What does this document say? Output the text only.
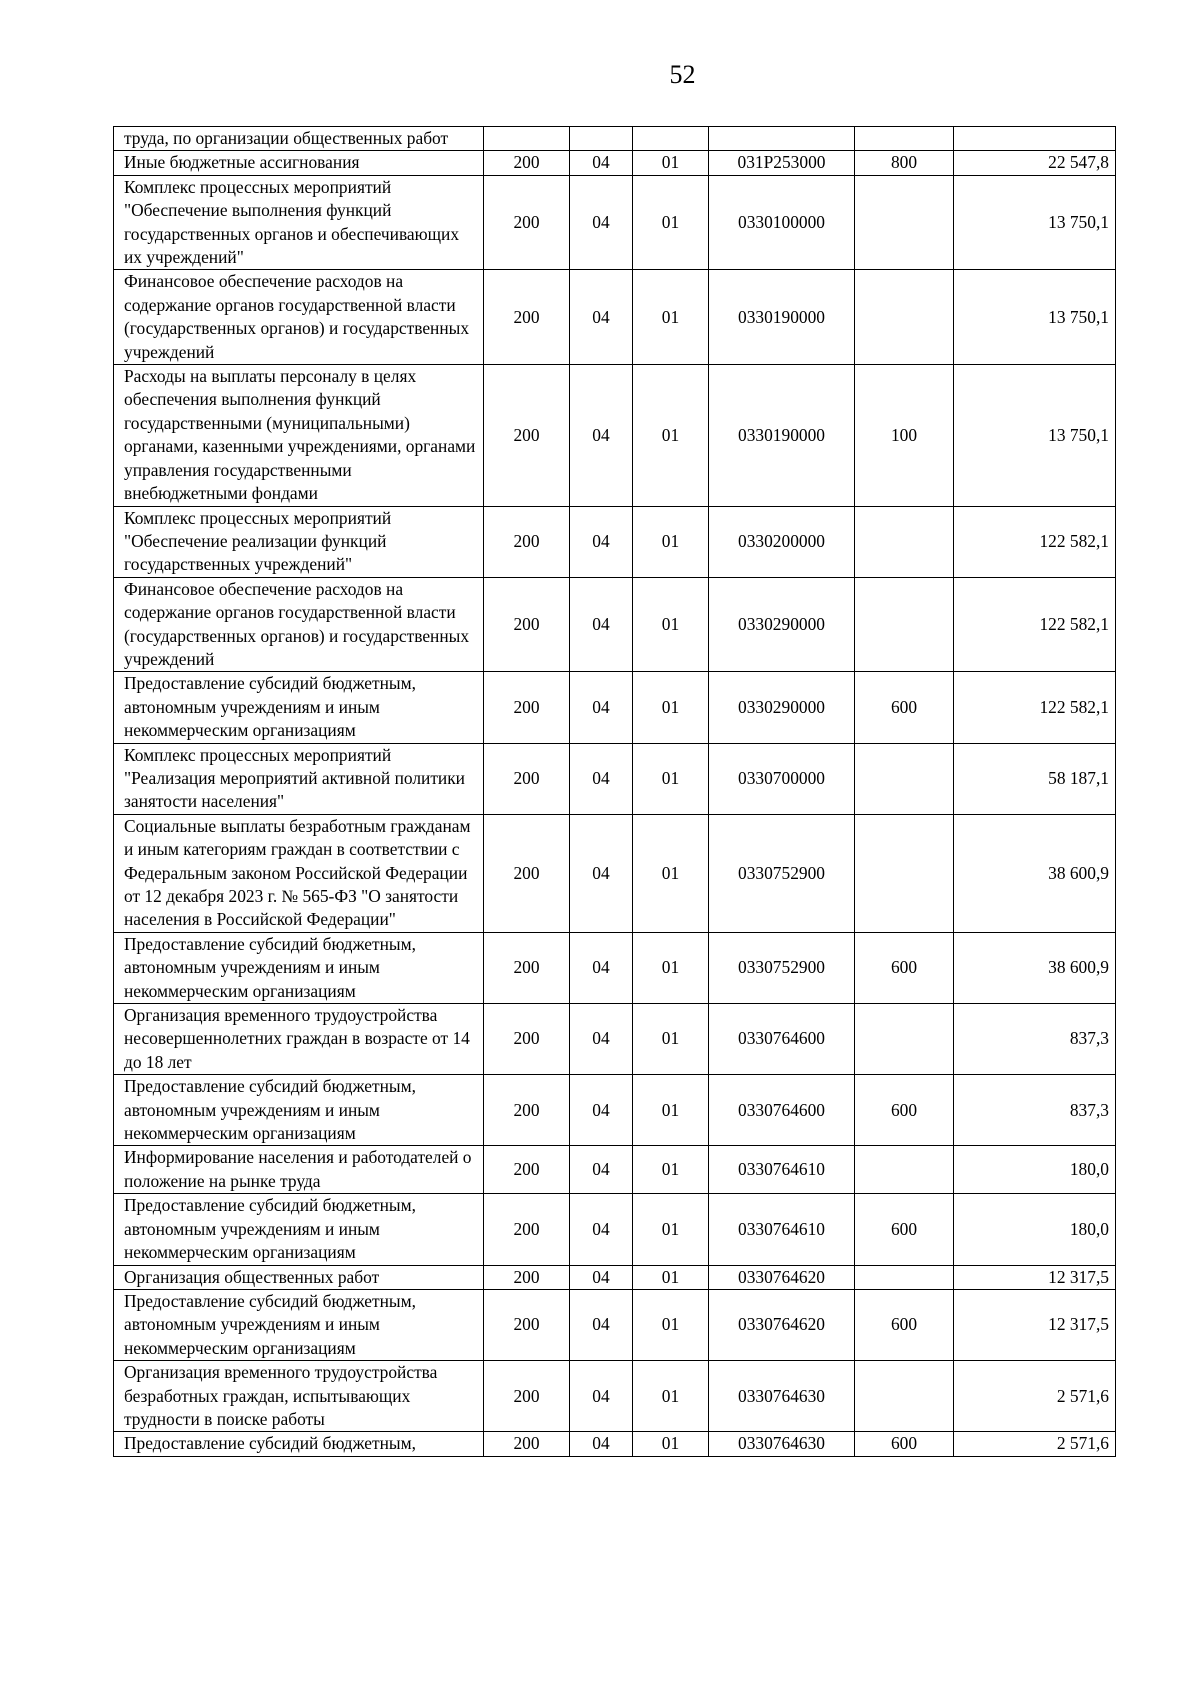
52
труда, по организации общественных работ						
Иные бюджетные ассигнования	200	04	01	031P253000	800	22 547,8
Комплекс процессных мероприятий "Обеспечение выполнения функций государственных органов и обеспечивающих их учреждений"	200	04	01	0330100000		13 750,1
Финансовое обеспечение расходов на содержание органов государственной власти (государственных органов) и государственных учреждений	200	04	01	0330190000		13 750,1
Расходы на выплаты персоналу в целях обеспечения выполнения функций государственными (муниципальными) органами, казенными учреждениями, органами управления государственными внебюджетными фондами	200	04	01	0330190000	100	13 750,1
Комплекс процессных мероприятий "Обеспечение реализации функций государственных учреждений"	200	04	01	0330200000		122 582,1
Финансовое обеспечение расходов на содержание органов государственной власти (государственных органов) и государственных учреждений	200	04	01	0330290000		122 582,1
Предоставление субсидий бюджетным, автономным учреждениям и иным некоммерческим организациям	200	04	01	0330290000	600	122 582,1
Комплекс процессных мероприятий "Реализация мероприятий активной политики занятости населения"	200	04	01	0330700000		58 187,1
Социальные выплаты безработным гражданам и иным категориям граждан в соответствии с Федеральным законом Российской Федерации от 12 декабря 2023 г. № 565-ФЗ "О занятости населения в Российской Федерации"	200	04	01	0330752900		38 600,9
Предоставление субсидий бюджетным, автономным учреждениям и иным некоммерческим организациям	200	04	01	0330752900	600	38 600,9
Организация временного трудоустройства несовершеннолетних граждан в возрасте от 14 до 18 лет	200	04	01	0330764600		837,3
Предоставление субсидий бюджетным, автономным учреждениям и иным некоммерческим организациям	200	04	01	0330764600	600	837,3
Информирование населения и работодателей о положение на рынке труда	200	04	01	0330764610		180,0
Предоставление субсидий бюджетным, автономным учреждениям и иным некоммерческим организациям	200	04	01	0330764610	600	180,0
Организация общественных работ	200	04	01	0330764620		12 317,5
Предоставление субсидий бюджетным, автономным учреждениям и иным некоммерческим организациям	200	04	01	0330764620	600	12 317,5
Организация временного трудоустройства безработных граждан, испытывающих трудности в поиске работы	200	04	01	0330764630		2 571,6
Предоставление субсидий бюджетным,	200	04	01	0330764630	600	2 571,6
